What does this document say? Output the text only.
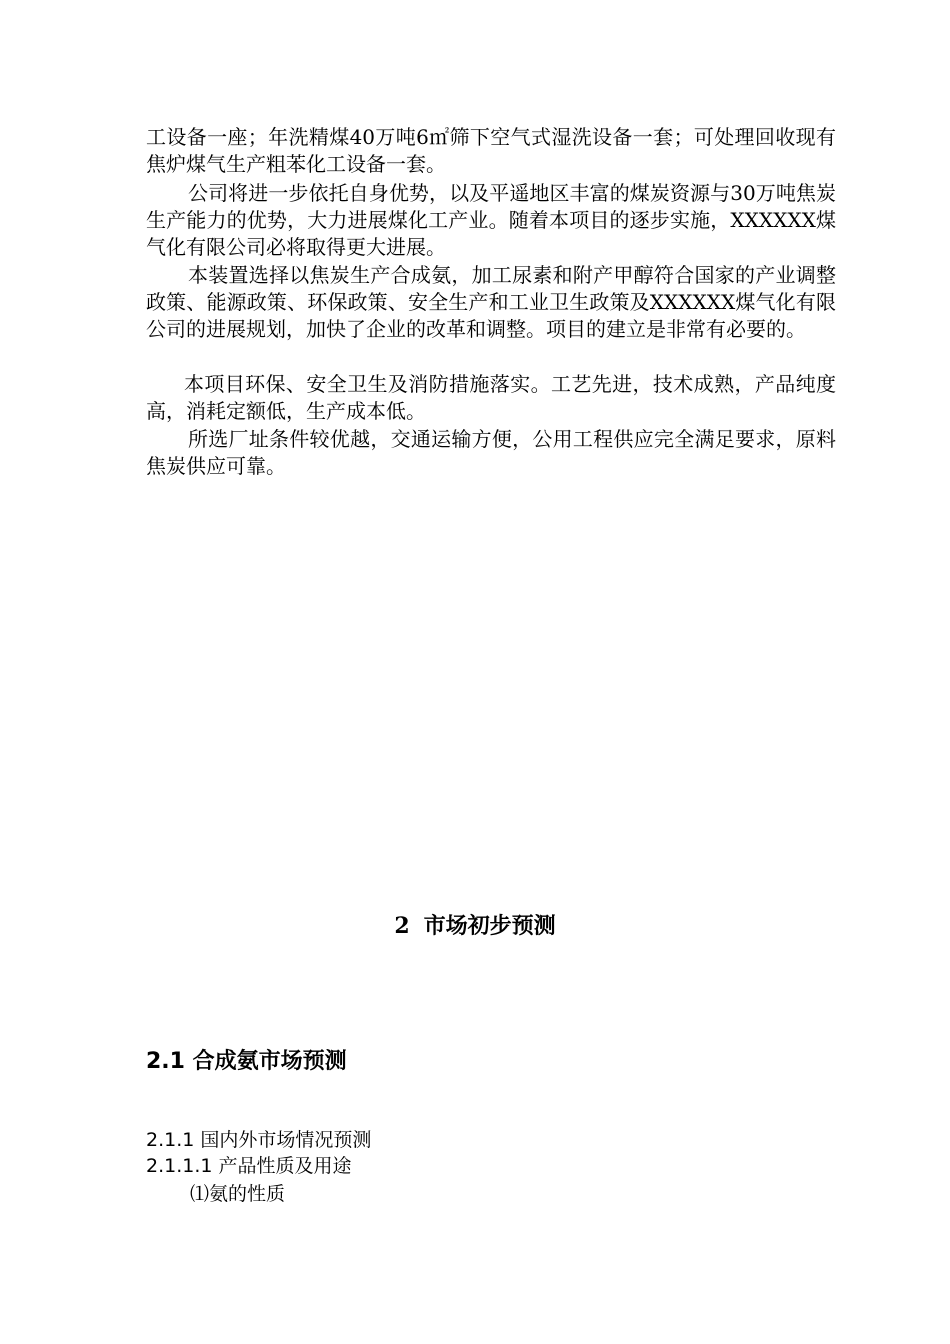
工设备一座；年洗精煤40万吨6㎡筛下空气式湿洗设备一套；可处理回收现有焦炉煤气生产粗苯化工设备一套。

公司将进一步依托自身优势，以及平遥地区丰富的煤炭资源与30万吨焦炭生产能力的优势，大力进展煤化工产业。随着本项目的逐步实施，XXXXXX煤气化有限公司必将取得更大进展。

本装置选择以焦炭生产合成氨，加工尿素和附产甲醇符合国家的产业调整政策、能源政策、环保政策、安全生产和工业卫生政策及XXXXXX煤气化有限公司的进展规划，加快了企业的改革和调整。项目的建立是非常有必要的。

本项目环保、安全卫生及消防措施落实。工艺先进，技术成熟，产品纯度高，消耗定额低，生产成本低。

所选厂址条件较优越，交通运输方便，公用工程供应完全满足要求，原料焦炭供应可靠。

2 市场初步预测
2.1 合成氨市场预测
2.1.1 国内外市场情况预测
2.1.1.1 产品性质及用途

⑴氨的性质
